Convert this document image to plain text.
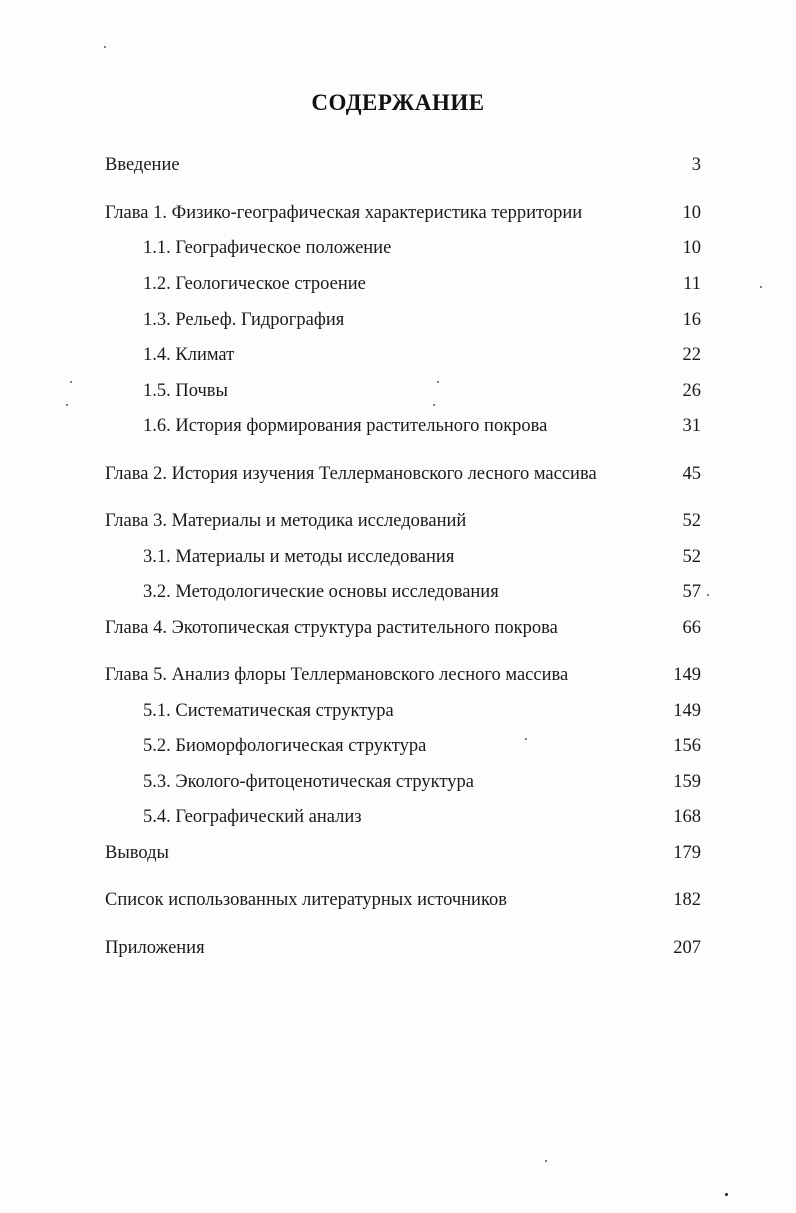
СОДЕРЖАНИЕ
Введение	3
Глава 1. Физико-географическая характеристика территории	10
1.1. Географическое положение	10
1.2. Геологическое строение	11
1.3. Рельеф. Гидрография	16
1.4. Климат	22
1.5. Почвы	26
1.6. История формирования растительного покрова	31
Глава 2. История изучения Теллермановского лесного массива	45
Глава 3. Материалы и методика исследований	52
3.1. Материалы и методы исследования	52
3.2. Методологические основы исследования	57
Глава 4. Экотопическая структура растительного покрова	66
Глава 5. Анализ флоры Теллермановского лесного массива	149
5.1. Систематическая структура	149
5.2. Биоморфологическая структура	156
5.3. Эколого-фитоценотическая структура	159
5.4. Географический анализ	168
Выводы	179
Список использованных литературных источников	182
Приложения	207
